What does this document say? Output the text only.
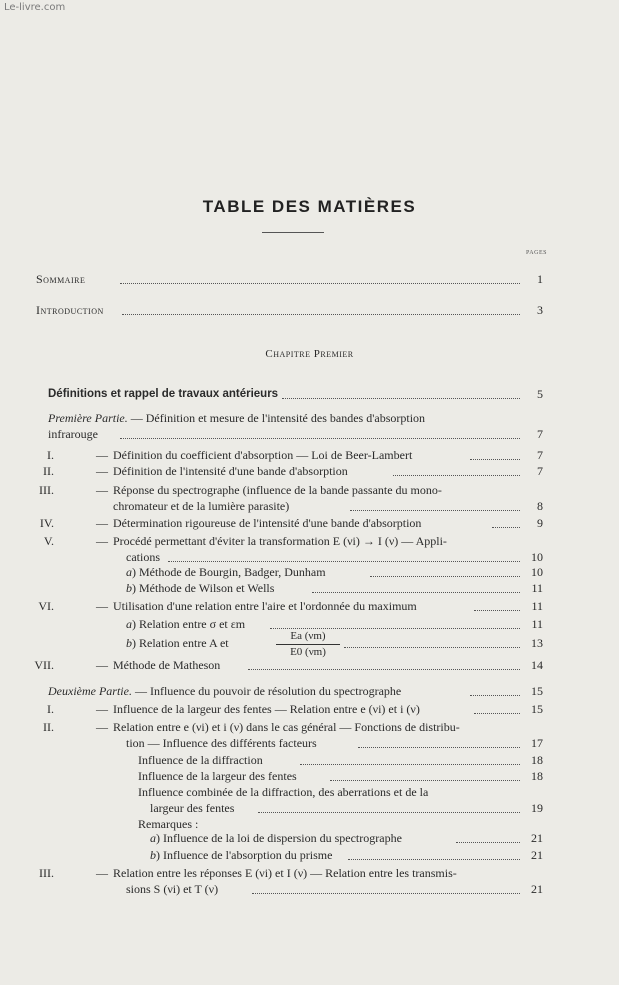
Le-livre.com
TABLE DES MATIÈRES
PAGES
Chapitre Premier
Sommaire	1
Introduction	3
Définitions et rappel de travaux antérieurs	5
Première Partie. — Définition et mesure de l'intensité des bandes d'absorption
infrarouge	7
I.	— Définition du coefficient d'absorption — Loi de Beer-Lambert	7
II.	— Définition de l'intensité d'une bande d'absorption	7
III.	— Réponse du spectrographe (influence de la bande passante du mono-
chromateur et de la lumière parasite)	8
IV.	— Détermination rigoureuse de l'intensité d'une bande d'absorption	9
V.	— Procédé permettant d'éviter la transformation E (νi) → I (ν) — Appli-
cations	10
a) Méthode de Bourgin, Badger, Dunham	10
b) Méthode de Wilson et Wells	11
VI.	— Utilisation d'une relation entre l'aire et l'ordonnée du maximum	11
a) Relation entre σ et εm	11
b) Relation entre A et	13
VII.	— Méthode de Matheson	14
Deuxième Partie. — Influence du pouvoir de résolution du spectrographe	15
I.	— Influence de la largeur des fentes — Relation entre e (νi) et i (ν)	15
II.	— Relation entre e (νi) et i (ν) dans le cas général — Fonctions de distribu-
tion — Influence des différents facteurs	17
Influence de la diffraction	18
Influence de la largeur des fentes	18
Influence combinée de la diffraction, des aberrations et de la
largeur des fentes	19
Remarques :
a) Influence de la loi de dispersion du spectrographe	21
b) Influence de l'absorption du prisme	21
III.	— Relation entre les réponses E (νi) et I (ν) — Relation entre les transmis-
sions S (νi) et T (ν)	21
Ea (νm)
E0 (νm)
